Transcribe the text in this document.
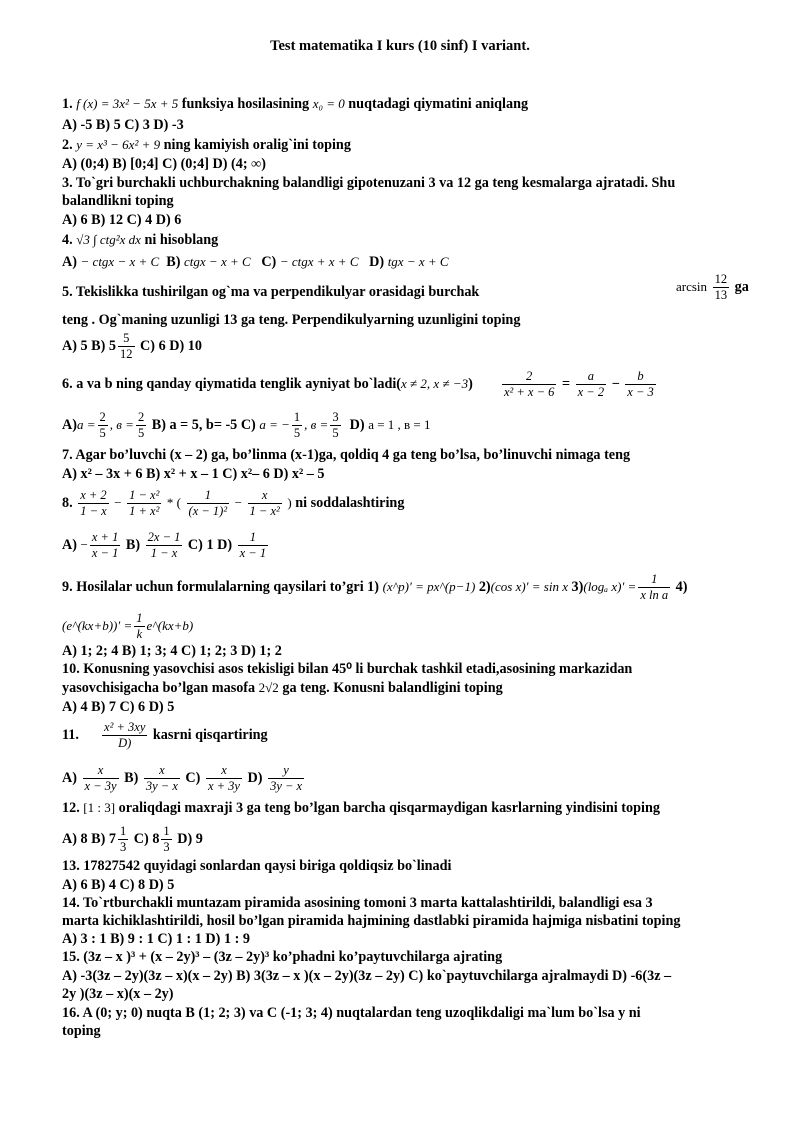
Test matematika I kurs (10 sinf) I variant.
1. f (x) = 3x² − 5x + 5 funksiya hosilasining x₀ = 0 nuqtadagi qiymatini aniqlang
A) -5 B) 5 C) 3 D) -3
2. y = x³ − 6x² + 9 ning kamiyish oralig`ini toping
A) (0;4) B) [0;4] C) (0;4] D) (4; ∞)
3. To`gri burchakli uchburchakning balandligi gipotenuzani 3 va 12 ga teng kesmalarga ajratadi. Shu
balandlikni toping
A) 6 B) 12 C) 4 D) 6
4. √3 ∫ ctg²x dx ni hisoblang
A) − ctgx − x + C B) ctgx − x + C C) − ctgx + x + C D) tgx − x + C
5. Tekislikka tushirilgan og`ma va perpendikulyar orasidagi burchak	$\arcsin \frac{12}{13}$ ga
teng . Og`maning uzunligi 13 ga teng. Perpendikulyarning uzunligini toping
A) 5 B) $5 \frac{5}{12} C$) 6 D) 10
6. a va b ning qanday qiymatida tenglik ayniyat bo`ladi(x ≠ 2, $x \ne -3) \frac{2}{\text{x² + x − 6}} = \frac{a}{x - 2} - \frac{b}{x - 3}$
$A)a = \frac{2}{5}$ , $в = \frac{2}{5} B$) a = 5, b= -5 C) a = − $\frac{1}{5}$ , $в = \frac{3}{5} D$) a = 1 , в = 1
7. Agar bo’luvchi (x – 2) ga, bo’linma (x-1)ga, qoldiq 4 ga teng bo’lsa, bo’linuvchi nimaga teng
A) x² – 3x + 6 B) x² + x – 1 C) x²– 6 D) x² – 5
8. $\frac{x + 2}{1 - x} - \frac{\text{1 − x²}}{\text{1 + x²}}$ * ( $\frac{1}{\text{(x − 1)²}} - \frac{x}{\text{1 − x²}}$ ) ni soddalashtiring
$A) - \frac{x + 1}{x - 1} B) \frac{2x - 1}{1 - x} C$) 1 $D) \frac{1}{x - 1}$
9. Hosilalar uchun formulalarning qaysilari to’gri 1) (x^p)′ = px^(p−1) 2)(cos x)′ = sin x 3)(logₐ $x)' = \frac{1}{\text{x ln a}} 4$)
(e^(kx+b))′ = $\frac{1}{k}$ e^(kx+b)
A) 1; 2; 4 B) 1; 3; 4 C) 1; 2; 3 D) 1; 2
10. Konusning yasovchisi asos tekisligi bilan 45⁰ li burchak tashkil etadi,asosining markazidan
yasovchisigacha bo’lgan masofa 2√2 ga teng. Konusni balandligini toping
A) 4 B) 7 C) 6 D) 5
11. $\frac{\text{x² + 3xy}}{D)}$ kasrni qisqartiring
$A) \frac{x}{x - 3y} B) \frac{x}{3y - x} C) \frac{x}{x + 3y} D) \frac{y}{3y - x}$
12. [1 : 3] oraliqdagi maxraji 3 ga teng bo’lgan barcha qisqarmaydigan kasrlarning yindisini toping
A) 8 B) $7 \frac{1}{3} C$) $8 \frac{1}{3} D$) 9
13. 17827542 quyidagi sonlardan qaysi biriga qoldiqsiz bo`linadi
A) 6 B) 4 C) 8 D) 5
14. To`rtburchakli muntazam piramida asosining tomoni 3 marta kattalashtirildi, balandligi esa 3
marta kichiklashtirildi, hosil bo’lgan piramida hajmining dastlabki piramida hajmiga nisbatini toping
A) 3 : 1 B) 9 : 1 C) 1 : 1 D) 1 : 9
15. (3z – x )³ + (x – 2y)³ – (3z – 2y)³ ko’phadni ko’paytuvchilarga ajrating
A) -3(3z – 2y)(3z – x)(x – 2y) B) 3(3z – x )(x – 2y)(3z – 2y) C) ko`paytuvchilarga ajralmaydi D) -6(3z –
2y )(3z – x)(x – 2y)
16. A (0; y; 0) nuqta B (1; 2; 3) va C (-1; 3; 4) nuqtalardan teng uzoqlikdaligi ma`lum bo`lsa y ni
toping
